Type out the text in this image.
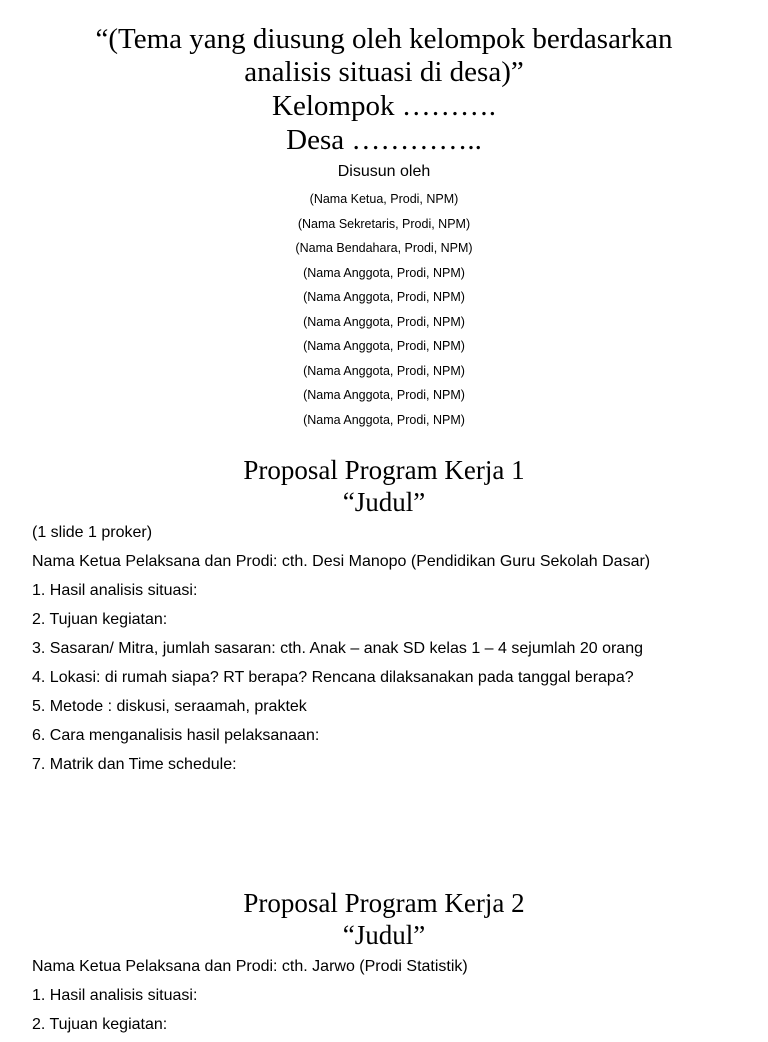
“(Tema yang diusung oleh kelompok berdasarkan
analisis situasi di desa)”
Kelompok ……….
Desa …………..
Disusun oleh
(Nama Ketua, Prodi, NPM)
(Nama Sekretaris, Prodi, NPM)
(Nama Bendahara, Prodi, NPM)
(Nama Anggota, Prodi, NPM)
(Nama Anggota, Prodi, NPM)
(Nama Anggota, Prodi, NPM)
(Nama Anggota, Prodi, NPM)
(Nama Anggota, Prodi, NPM)
(Nama Anggota, Prodi, NPM)
(Nama Anggota, Prodi, NPM)
Proposal Program Kerja 1
“Judul”
(1 slide 1 proker)
Nama Ketua Pelaksana dan Prodi: cth. Desi Manopo (Pendidikan Guru Sekolah Dasar)
1. Hasil analisis situasi:
2. Tujuan kegiatan:
3. Sasaran/ Mitra, jumlah sasaran: cth. Anak – anak SD kelas 1 – 4 sejumlah 20 orang
4. Lokasi: di rumah siapa? RT berapa? Rencana dilaksanakan pada tanggal berapa?
5. Metode : diskusi, seraamah, praktek
6. Cara menganalisis hasil pelaksanaan:
7. Matrik dan Time schedule:
Proposal Program Kerja 2
“Judul”
Nama Ketua Pelaksana dan Prodi: cth. Jarwo (Prodi Statistik)
1. Hasil analisis situasi:
2. Tujuan kegiatan:
